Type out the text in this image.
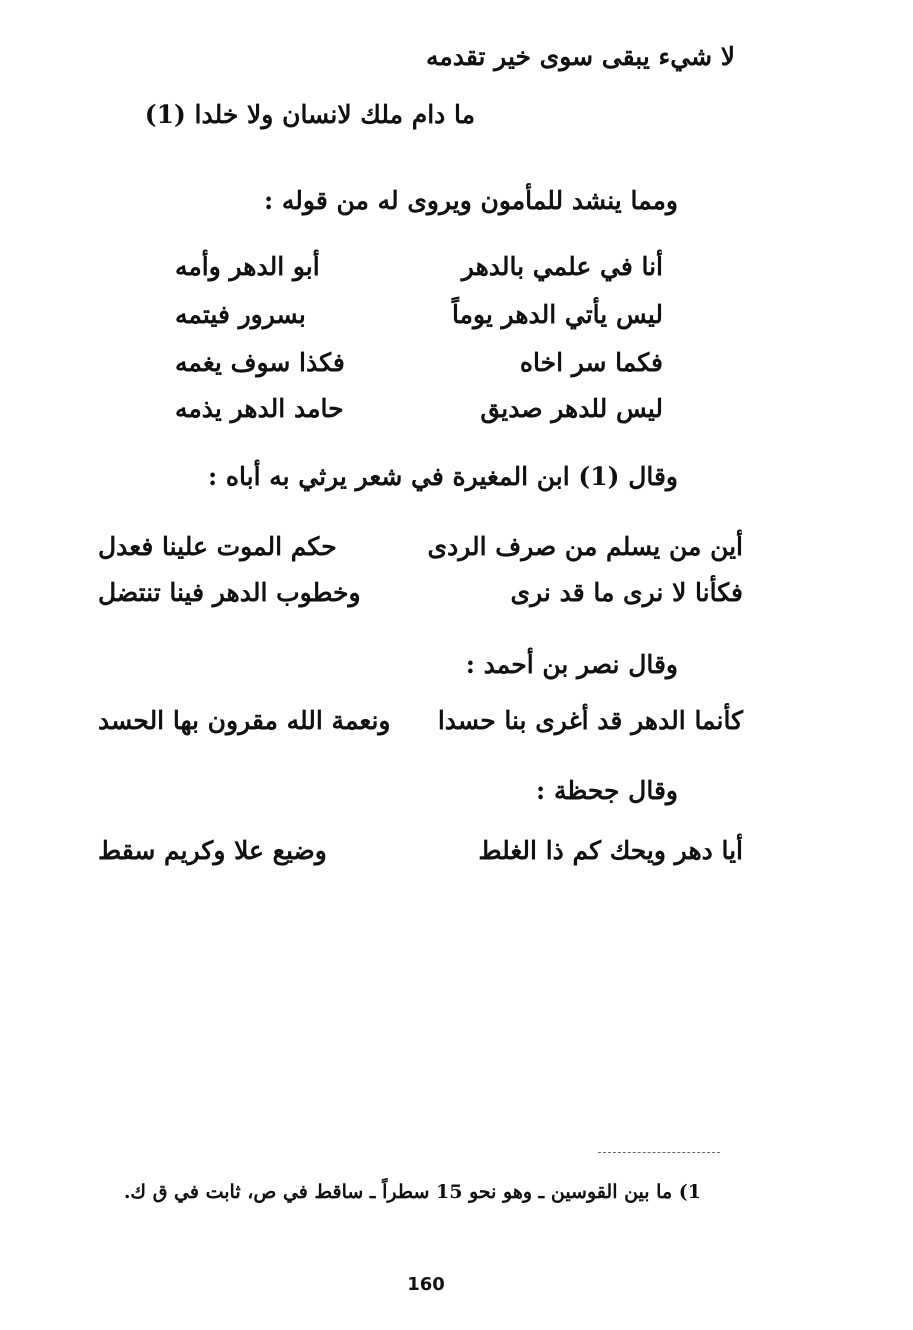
لا شيء يبقى سوى خير تقدمه
ما دام ملك لانسان ولا خلدا (1)
ومما ينشد للمأمون ويروى له من قوله :
أنا في علمي بالدهر
أبو الدهر وأمه
ليس يأتي الدهر يوماً
بسرور فيتمه
فكما سر اخاه
فكذا سوف يغمه
ليس للدهر صديق
حامد الدهر يذمه
وقال (1) ابن المغيرة في شعر يرثي به أباه :
أين من يسلم من صرف الردى
حكم الموت علينا فعدل
فكأنا لا نرى ما قد نرى
وخطوب الدهر فينا تنتضل
وقال نصر بن أحمد :
كأنما الدهر قد أغرى بنا حسدا
ونعمة الله مقرون بها الحسد
وقال جحظة :
أيا دهر ويحك كم ذا الغلط
وضيع علا وكريم سقط
1) ما بين القوسين ـ وهو نحو 15 سطراً ـ ساقط في ص، ثابت في ق ك.
160
